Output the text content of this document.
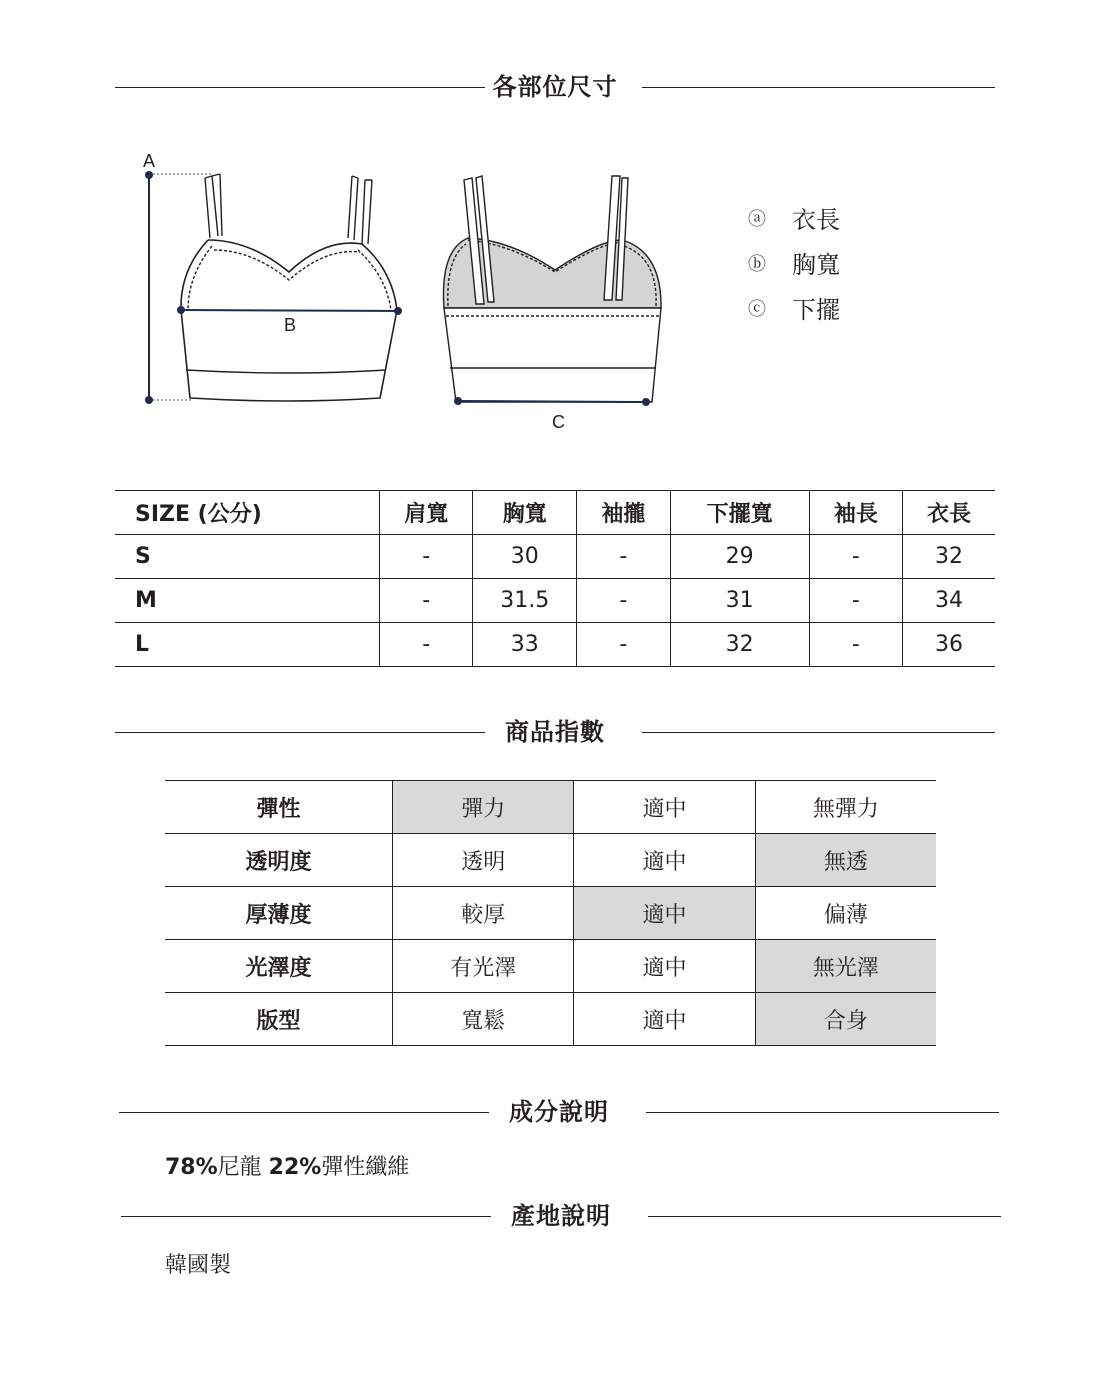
各部位尺寸
A
B
C
ⓐ 衣長
ⓑ 胸寬
ⓒ 下擺
SIZE (公分)	肩寬	胸寬	袖攏	下擺寬	袖長	衣長
S	-	30	-	29	-	32
M	-	31.5	-	31	-	34
L	-	33	-	32	-	36
商品指數
彈性	彈力	適中	無彈力
透明度	透明	適中	無透
厚薄度	較厚	適中	偏薄
光澤度	有光澤	適中	無光澤
版型	寬鬆	適中	合身
成分說明
78%尼龍 22%彈性纖維
產地說明
韓國製
